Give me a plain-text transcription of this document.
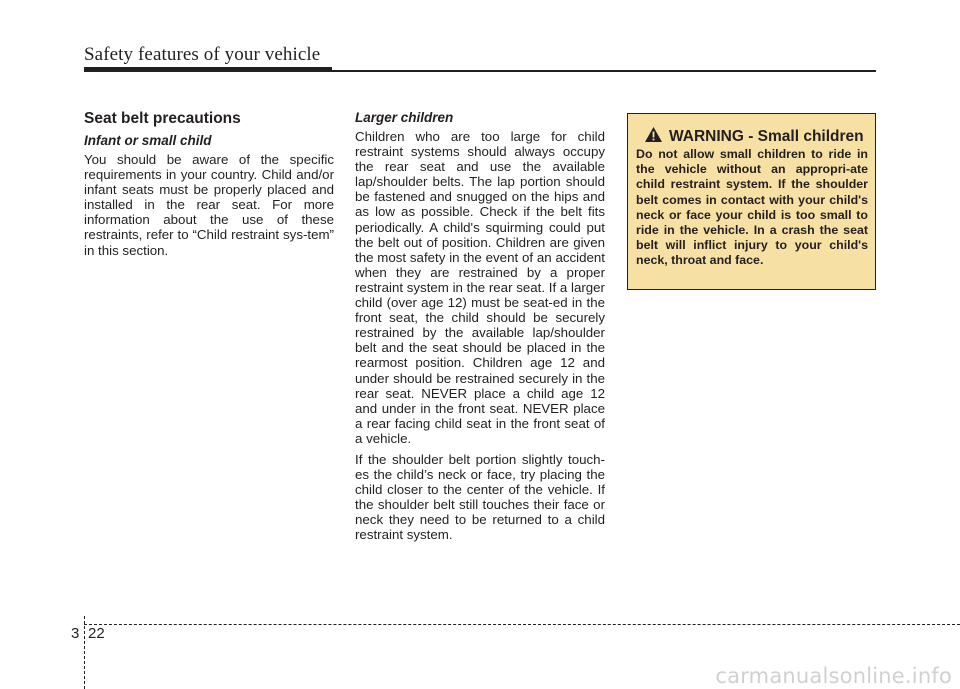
Safety features of your vehicle
Seat belt precautions
Infant or small child

You should be aware of the specific requirements in your country. Child and/or infant seats must be properly placed and installed in the rear seat. For more information about the use of these restraints, refer to “Child restraint sys-tem” in this section.

Larger children

Children who are too large for child restraint systems should always occupy the rear seat and use the available lap/shoulder belts. The lap portion should be fastened and snugged on the hips and as low as possible. Check if the belt fits periodically. A child's squirming could put the belt out of position. Children are given the most safety in the event of an accident when they are restrained by a proper restraint system in the rear seat. If a larger child (over age 12) must be seat-ed in the front seat, the child should be securely restrained by the available lap/shoulder belt and the seat should be placed in the rearmost position. Children age 12 and under should be restrained securely in the rear seat. NEVER place a child age 12 and under in the front seat. NEVER place a rear facing child seat in the front seat of a vehicle.

If the shoulder belt portion slightly touch-es the child’s neck or face, try placing the child closer to the center of the vehicle. If the shoulder belt still touches their face or neck they need to be returned to a child restraint system.

WARNING - Small children
Do not allow small children to ride in the vehicle without an appropri-ate child restraint system. If the shoulder belt comes in contact with your child's neck or face your child is too small to ride in the vehicle. In a crash the seat belt will inflict injury to your child's neck, throat and face.
3 22
carmanualsonline.info
